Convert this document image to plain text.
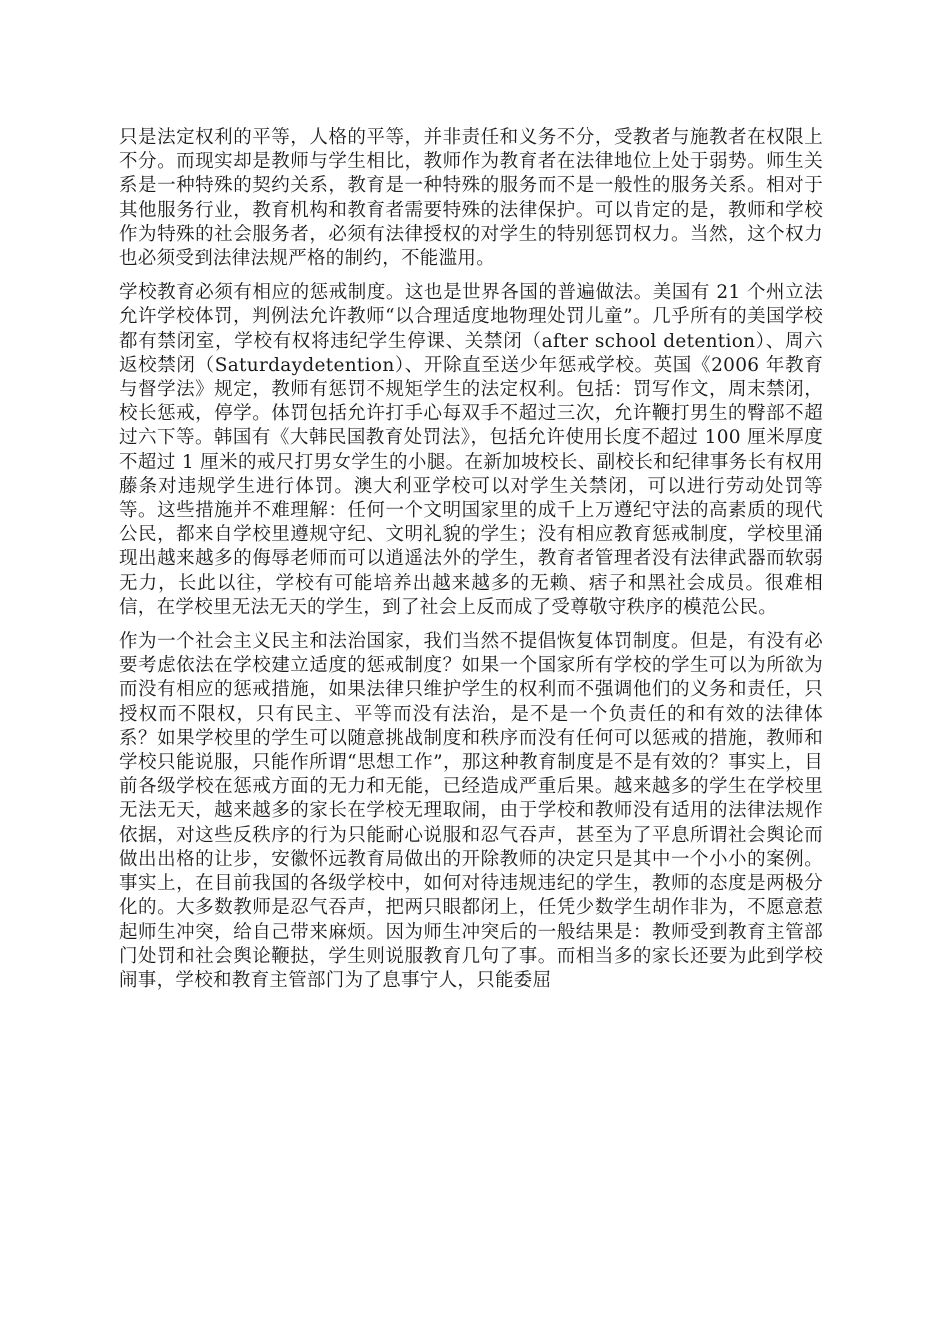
只是法定权利的平等，人格的平等，并非责任和义务不分，受教者与施教者在权限上不分。而现实却是教师与学生相比，教师作为教育者在法律地位上处于弱势。师生关系是一种特殊的契约关系，教育是一种特殊的服务而不是一般性的服务关系。相对于其他服务行业，教育机构和教育者需要特殊的法律保护。可以肯定的是，教师和学校作为特殊的社会服务者，必须有法律授权的对学生的特别惩罚权力。当然，这个权力也必须受到法律法规严格的制约，不能滥用。

学校教育必须有相应的惩戒制度。这也是世界各国的普遍做法。美国有 21 个州立法允许学校体罚，判例法允许教师“以合理适度地物理处罚儿童”。几乎所有的美国学校都有禁闭室，学校有权将违纪学生停课、关禁闭（after school detention）、周六返校禁闭（Saturdaydetention）、开除直至送少年惩戒学校。英国《2006 年教育与督学法》规定，教师有惩罚不规矩学生的法定权利。包括：罚写作文，周末禁闭，校长惩戒，停学。体罚包括允许打手心每双手不超过三次，允许鞭打男生的臀部不超过六下等。韩国有《大韩民国教育处罚法》，包括允许使用长度不超过 100 厘米厚度不超过 1 厘米的戒尺打男女学生的小腿。在新加坡校长、副校长和纪律事务长有权用藤条对违规学生进行体罚。澳大利亚学校可以对学生关禁闭，可以进行劳动处罚等等。这些措施并不难理解：任何一个文明国家里的成千上万遵纪守法的高素质的现代公民，都来自学校里遵规守纪、文明礼貌的学生；没有相应教育惩戒制度，学校里涌现出越来越多的侮辱老师而可以逍遥法外的学生，教育者管理者没有法律武器而软弱无力，长此以往，学校有可能培养出越来越多的无赖、痞子和黑社会成员。很难相信，在学校里无法无天的学生，到了社会上反而成了受尊敬守秩序的模范公民。

作为一个社会主义民主和法治国家，我们当然不提倡恢复体罚制度。但是，有没有必要考虑依法在学校建立适度的惩戒制度？如果一个国家所有学校的学生可以为所欲为而没有相应的惩戒措施，如果法律只维护学生的权利而不强调他们的义务和责任，只授权而不限权，只有民主、平等而没有法治，是不是一个负责任的和有效的法律体系？如果学校里的学生可以随意挑战制度和秩序而没有任何可以惩戒的措施，教师和学校只能说服，只能作所谓“思想工作”，那这种教育制度是不是有效的？事实上，目前各级学校在惩戒方面的无力和无能，已经造成严重后果。越来越多的学生在学校里无法无天，越来越多的家长在学校无理取闹，由于学校和教师没有适用的法律法规作依据，对这些反秩序的行为只能耐心说服和忍气吞声，甚至为了平息所谓社会舆论而做出出格的让步，安徽怀远教育局做出的开除教师的决定只是其中一个小小的案例。事实上，在目前我国的各级学校中，如何对待违规违纪的学生，教师的态度是两极分化的。大多数教师是忍气吞声，把两只眼都闭上，任凭少数学生胡作非为，不愿意惹起师生冲突，给自己带来麻烦。因为师生冲突后的一般结果是：教师受到教育主管部门处罚和社会舆论鞭挞，学生则说服教育几句了事。而相当多的家长还要为此到学校闹事，学校和教育主管部门为了息事宁人，只能委屈
